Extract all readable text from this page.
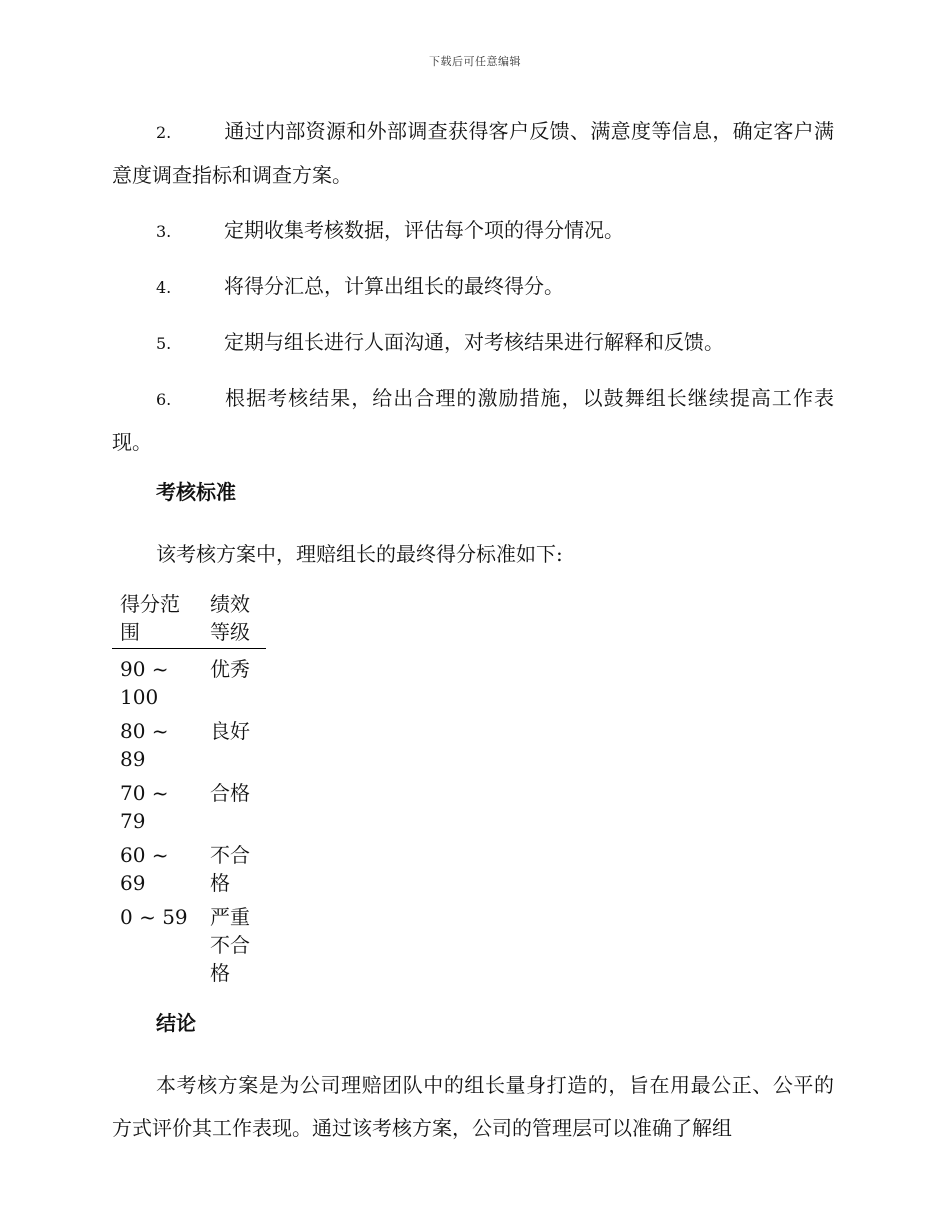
下载后可任意编辑
2.	通过内部资源和外部调查获得客户反馈、满意度等信息，确定客户满意度调查指标和调查方案。
3.	定期收集考核数据，评估每个项的得分情况。
4.	将得分汇总，计算出组长的最终得分。
5.	定期与组长进行人面沟通，对考核结果进行解释和反馈。
6.	根据考核结果，给出合理的激励措施，以鼓舞组长继续提高工作表现。
考核标准
该考核方案中，理赔组长的最终得分标准如下:
得分范围	绩效等级
90 ~ 100	优秀
80 ~ 89	良好
70 ~ 79	合格
60 ~ 69	不合格
0 ~ 59	严重不合格
结论
本考核方案是为公司理赔团队中的组长量身打造的，旨在用最公正、公平的方式评价其工作表现。通过该考核方案，公司的管理层可以准确了解组
